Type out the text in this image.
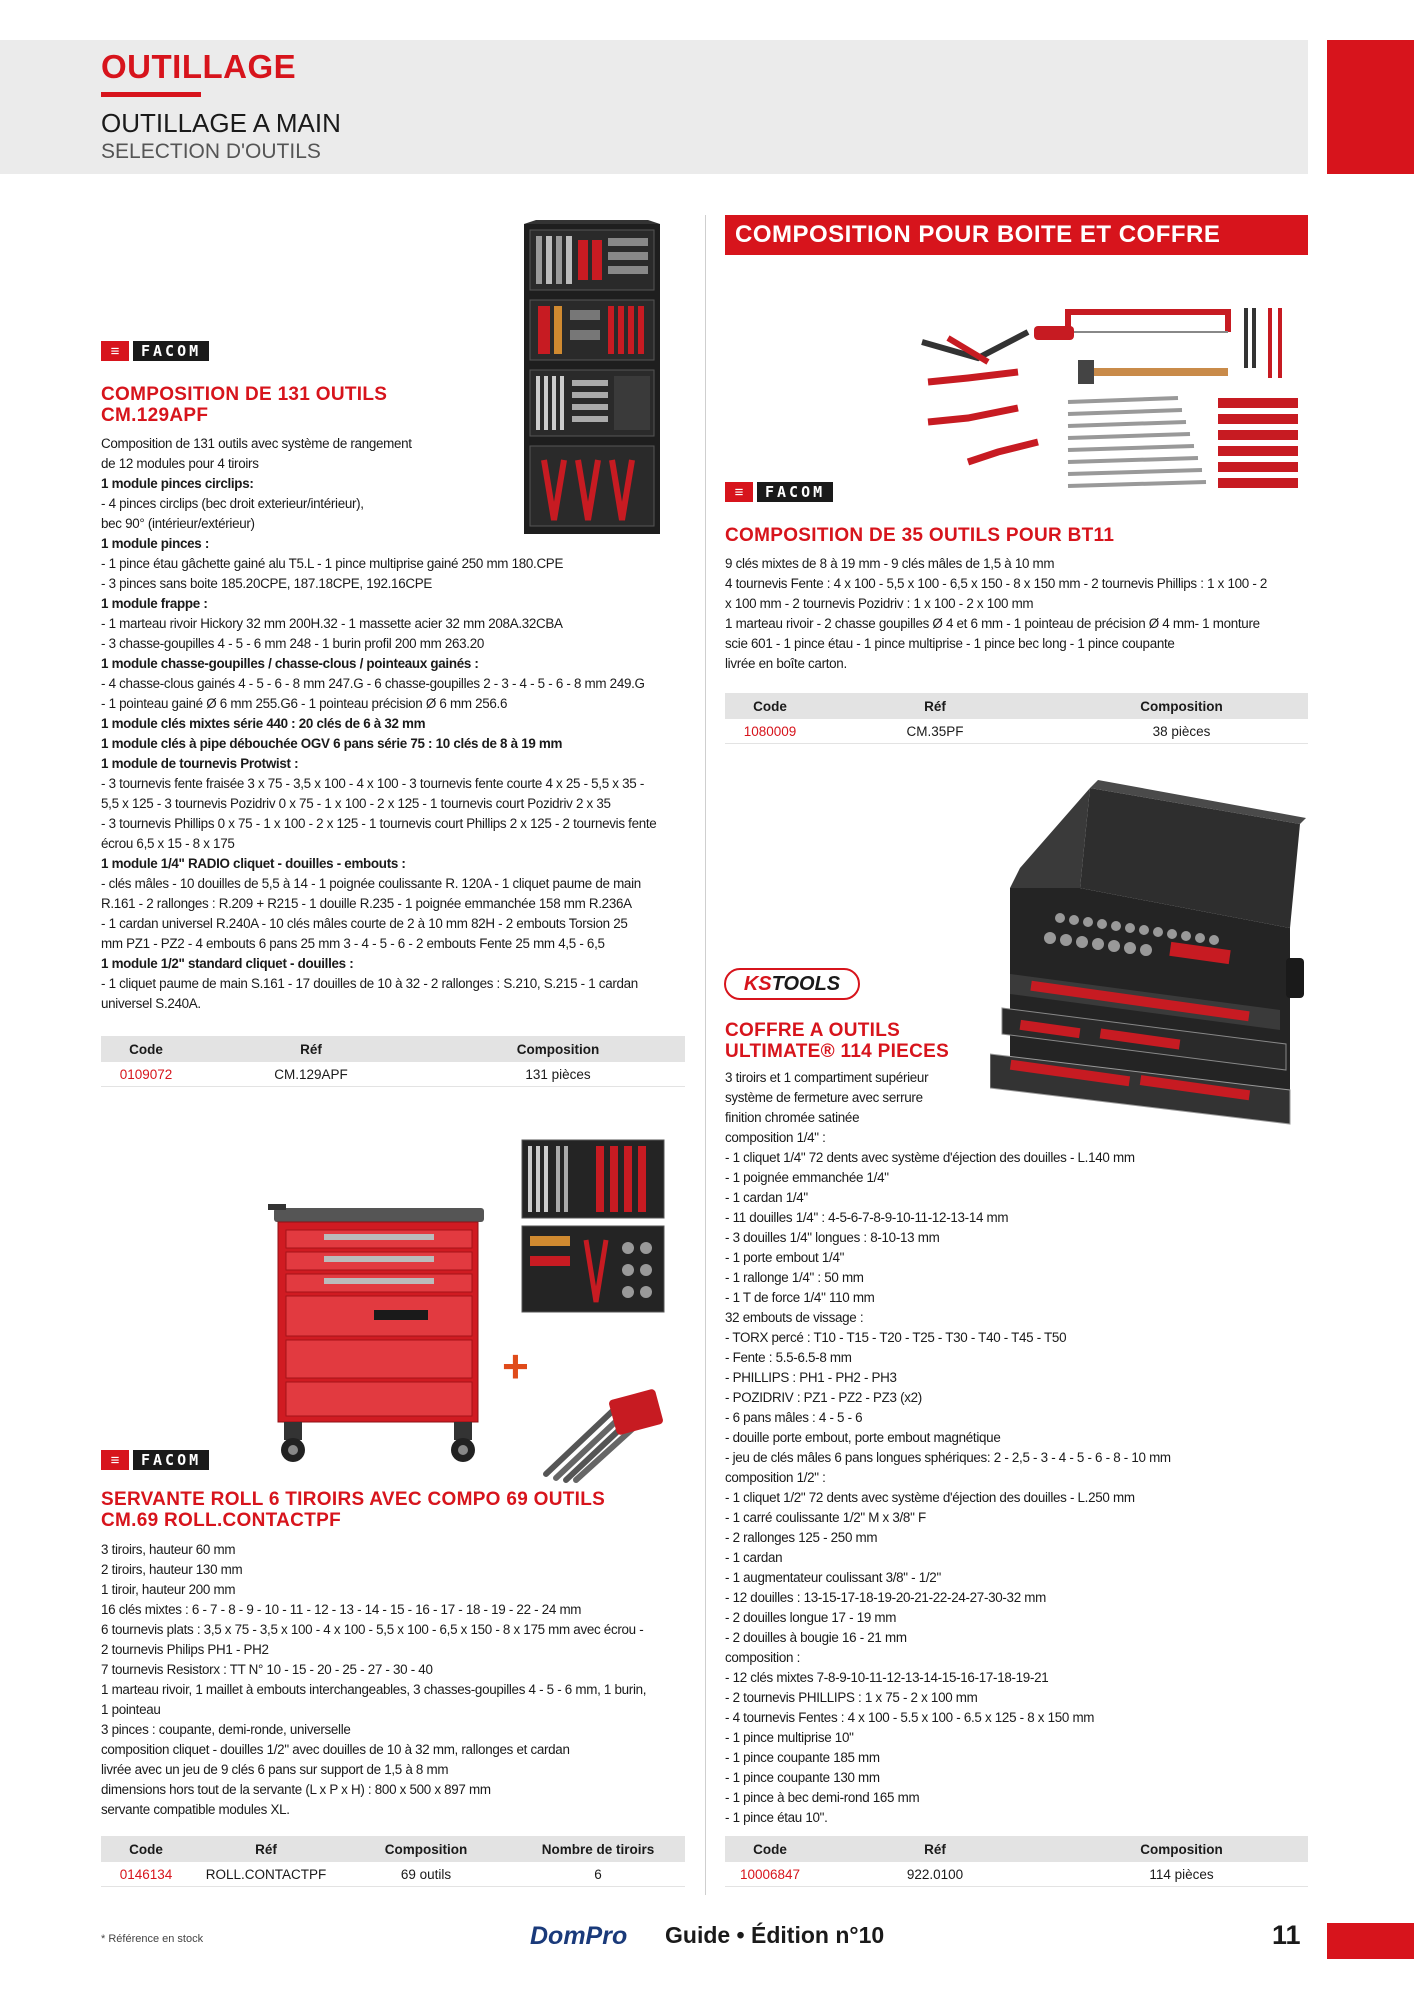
OUTILLAGE
OUTILLAGE A MAIN
SELECTION D'OUTILS
≡	FACOM
COMPOSITION DE 131 OUTILS
CM.129APF
Composition de 131 outils avec système de rangement
de 12 modules pour 4 tiroirs
1 module pinces circlips:
- 4 pinces circlips (bec droit exterieur/intérieur),
bec 90° (intérieur/extérieur)
1 module pinces :
- 1 pince étau gâchette gainé alu T5.L - 1 pince multiprise gainé 250 mm 180.CPE
- 3 pinces sans boite 185.20CPE, 187.18CPE, 192.16CPE
1 module frappe :
- 1 marteau rivoir Hickory 32 mm 200H.32 - 1 massette acier 32 mm 208A.32CBA
- 3 chasse-goupilles 4 - 5 - 6 mm 248 - 1 burin profil 200 mm 263.20
1 module chasse-goupilles / chasse-clous / pointeaux gainés :
- 4 chasse-clous gainés 4 - 5 - 6 - 8 mm 247.G - 6 chasse-goupilles 2 - 3 - 4 - 5 - 6 - 8 mm 249.G
- 1 pointeau gainé Ø 6 mm 255.G6 - 1 pointeau précision Ø 6 mm 256.6
1 module clés mixtes série 440 : 20 clés de 6 à 32 mm
1 module clés à pipe débouchée OGV 6 pans série 75 : 10 clés de 8 à 19 mm
1 module de tournevis Protwist :
- 3 tournevis fente fraisée 3 x 75 - 3,5 x 100 - 4 x 100 - 3 tournevis fente courte 4 x 25 - 5,5 x 35 -
5,5 x 125 - 3 tournevis Pozidriv 0 x 75 - 1 x 100 - 2 x 125 - 1 tournevis court Pozidriv 2 x 35
- 3 tournevis Phillips 0 x 75 - 1 x 100 - 2 x 125 - 1 tournevis court Phillips 2 x 125 - 2 tournevis fente
écrou 6,5 x 15 - 8 x 175
1 module 1/4" RADIO cliquet - douilles - embouts :
- clés mâles - 10 douilles de 5,5 à 14 - 1 poignée coulissante R. 120A - 1 cliquet paume de main
R.161 - 2 rallonges : R.209 + R215 - 1 douille R.235 - 1 poignée emmanchée 158 mm R.236A
- 1 cardan universel R.240A - 10 clés mâles courte de 2 à 10 mm 82H - 2 embouts Torsion 25
mm PZ1 - PZ2 - 4 embouts 6 pans 25 mm 3 - 4 - 5 - 6 - 2 embouts Fente 25 mm 4,5 - 6,5
1 module 1/2" standard cliquet - douilles :
- 1 cliquet paume de main S.161 - 17 douilles de 10 à 32 - 2 rallonges : S.210, S.215 - 1 cardan
universel S.240A.
Code	Réf	Composition
0109072	CM.129APF	131 pièces
+
≡	FACOM
SERVANTE ROLL 6 TIROIRS AVEC COMPO 69 OUTILS
CM.69 ROLL.CONTACTPF
3 tiroirs, hauteur 60 mm
2 tiroirs, hauteur 130 mm
1 tiroir, hauteur 200 mm
16 clés mixtes : 6 - 7 - 8 - 9 - 10 - 11 - 12 - 13 - 14 - 15 - 16 - 17 - 18 - 19 - 22 - 24 mm
6 tournevis plats : 3,5 x 75 - 3,5 x 100 - 4 x 100 - 5,5 x 100 - 6,5 x 150 - 8 x 175 mm avec écrou -
2 tournevis Philips PH1 - PH2
7 tournevis Resistorx : TT N° 10 - 15 - 20 - 25 - 27 - 30 - 40
1 marteau rivoir, 1 maillet à embouts interchangeables, 3 chasses-goupilles 4 - 5 - 6 mm, 1 burin,
1 pointeau
3 pinces : coupante, demi-ronde, universelle
composition cliquet - douilles 1/2" avec douilles de 10 à 32 mm, rallonges et cardan
livrée avec un jeu de 9 clés 6 pans sur support de 1,5 à 8 mm
dimensions hors tout de la servante (L x P x H) : 800 x 500 x 897 mm
servante compatible modules XL.
Code	Réf	Composition	Nombre de tiroirs
0146134	ROLL.CONTACTPF	69 outils	6
COMPOSITION POUR BOITE ET COFFRE
≡	FACOM
COMPOSITION DE 35 OUTILS POUR BT11
9 clés mixtes de 8 à 19 mm - 9 clés mâles de 1,5 à 10 mm
4 tournevis Fente : 4 x 100 - 5,5 x 100 - 6,5 x 150 - 8 x 150 mm - 2 tournevis Phillips : 1 x 100 - 2
x 100 mm - 2 tournevis Pozidriv : 1 x 100 - 2 x 100 mm
1 marteau rivoir - 2 chasse goupilles Ø 4 et 6 mm - 1 pointeau de précision Ø 4 mm- 1 monture
scie 601 - 1 pince étau - 1 pince multiprise - 1 pince bec long - 1 pince coupante
livrée en boîte carton.
Code	Réf	Composition
1080009	CM.35PF	38 pièces
KS TOOLS
COFFRE A OUTILS
ULTIMATE® 114 PIECES
3 tiroirs et 1 compartiment supérieur
système de fermeture avec serrure
finition chromée satinée
composition 1/4" :
- 1 cliquet 1/4" 72 dents avec système d'éjection des douilles - L.140 mm
- 1 poignée emmanchée 1/4"
- 1 cardan 1/4"
- 11 douilles 1/4" : 4-5-6-7-8-9-10-11-12-13-14 mm
- 3 douilles 1/4" longues : 8-10-13 mm
- 1 porte embout 1/4"
- 1 rallonge 1/4" : 50 mm
- 1 T de force 1/4" 110 mm
32 embouts de vissage :
- TORX percé : T10 - T15 - T20 - T25 - T30 - T40 - T45 - T50
- Fente : 5.5-6.5-8 mm
- PHILLIPS : PH1 - PH2 - PH3
- POZIDRIV : PZ1 - PZ2 - PZ3 (x2)
- 6 pans mâles : 4 - 5 - 6
- douille porte embout, porte embout magnétique
- jeu de clés mâles 6 pans longues sphériques: 2 - 2,5 - 3 - 4 - 5 - 6 - 8 - 10 mm
composition 1/2" :
- 1 cliquet 1/2" 72 dents avec système d'éjection des douilles - L.250 mm
- 1 carré coulissante 1/2" M x 3/8" F
- 2 rallonges 125 - 250 mm
- 1 cardan
- 1 augmentateur coulissant 3/8" - 1/2"
- 12 douilles : 13-15-17-18-19-20-21-22-24-27-30-32 mm
- 2 douilles longue 17 - 19 mm
- 2 douilles à bougie 16 - 21 mm
composition :
- 12 clés mixtes 7-8-9-10-11-12-13-14-15-16-17-18-19-21
- 2 tournevis PHILLIPS : 1 x 75 - 2 x 100 mm
- 4 tournevis Fentes : 4 x 100 - 5.5 x 100 - 6.5 x 125 - 8 x 150 mm
- 1 pince multiprise 10"
- 1 pince coupante 185 mm
- 1 pince coupante 130 mm
- 1 pince à bec demi-rond 165 mm
- 1 pince étau 10".
Code	Réf	Composition
10006847	922.0100	114 pièces
* Référence en stock	DomPro Guide • Édition n°10	11
